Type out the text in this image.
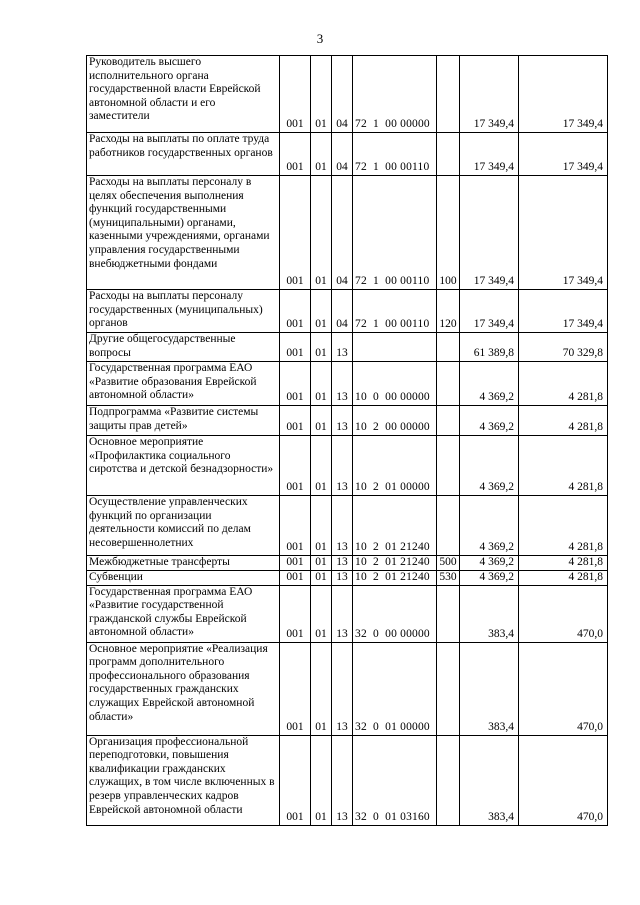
3
Руководитель высшего исполнительного органа государственной власти Еврейской автономной области и его заместители	001	01	04	72  1  00 00000		17 349,4	17 349,4
Расходы на выплаты по оплате труда работников государственных органов	001	01	04	72  1  00 00110		17 349,4	17 349,4
Расходы на выплаты персоналу в целях обеспечения выполнения функций государственными (муниципальными) органами, казенными учреждениями, органами управления государственными внебюджетными фондами	001	01	04	72  1  00 00110	100	17 349,4	17 349,4
Расходы на выплаты персоналу государственных (муниципальных) органов	001	01	04	72  1  00 00110	120	17 349,4	17 349,4
Другие общегосударственные вопросы	001	01	13			61 389,8	70 329,8
Государственная программа ЕАО «Развитие образования Еврейской автономной области»	001	01	13	10  0  00 00000		4 369,2	4 281,8
Подпрограмма «Развитие системы защиты прав детей»	001	01	13	10  2  00 00000		4 369,2	4 281,8
Основное мероприятие «Профилактика социального сиротства и детской безнадзорности»	001	01	13	10  2  01 00000		4 369,2	4 281,8
Осуществление управленческих функций по организации деятельности комиссий по делам несовершеннолетних	001	01	13	10  2  01 21240		4 369,2	4 281,8
Межбюджетные трансферты	001	01	13	10  2  01 21240	500	4 369,2	4 281,8
Субвенции	001	01	13	10  2  01 21240	530	4 369,2	4 281,8
Государственная программа ЕАО «Развитие государственной гражданской службы Еврейской автономной области»	001	01	13	32  0  00 00000		383,4	470,0
Основное мероприятие «Реализация программ дополнительного профессионального образования государственных гражданских служащих Еврейской автономной области»	001	01	13	32  0  01 00000		383,4	470,0
Организация профессиональной переподготовки, повышения квалификации гражданских служащих, в том числе включенных в резерв управленческих кадров Еврейской автономной области	001	01	13	32  0  01 03160		383,4	470,0
